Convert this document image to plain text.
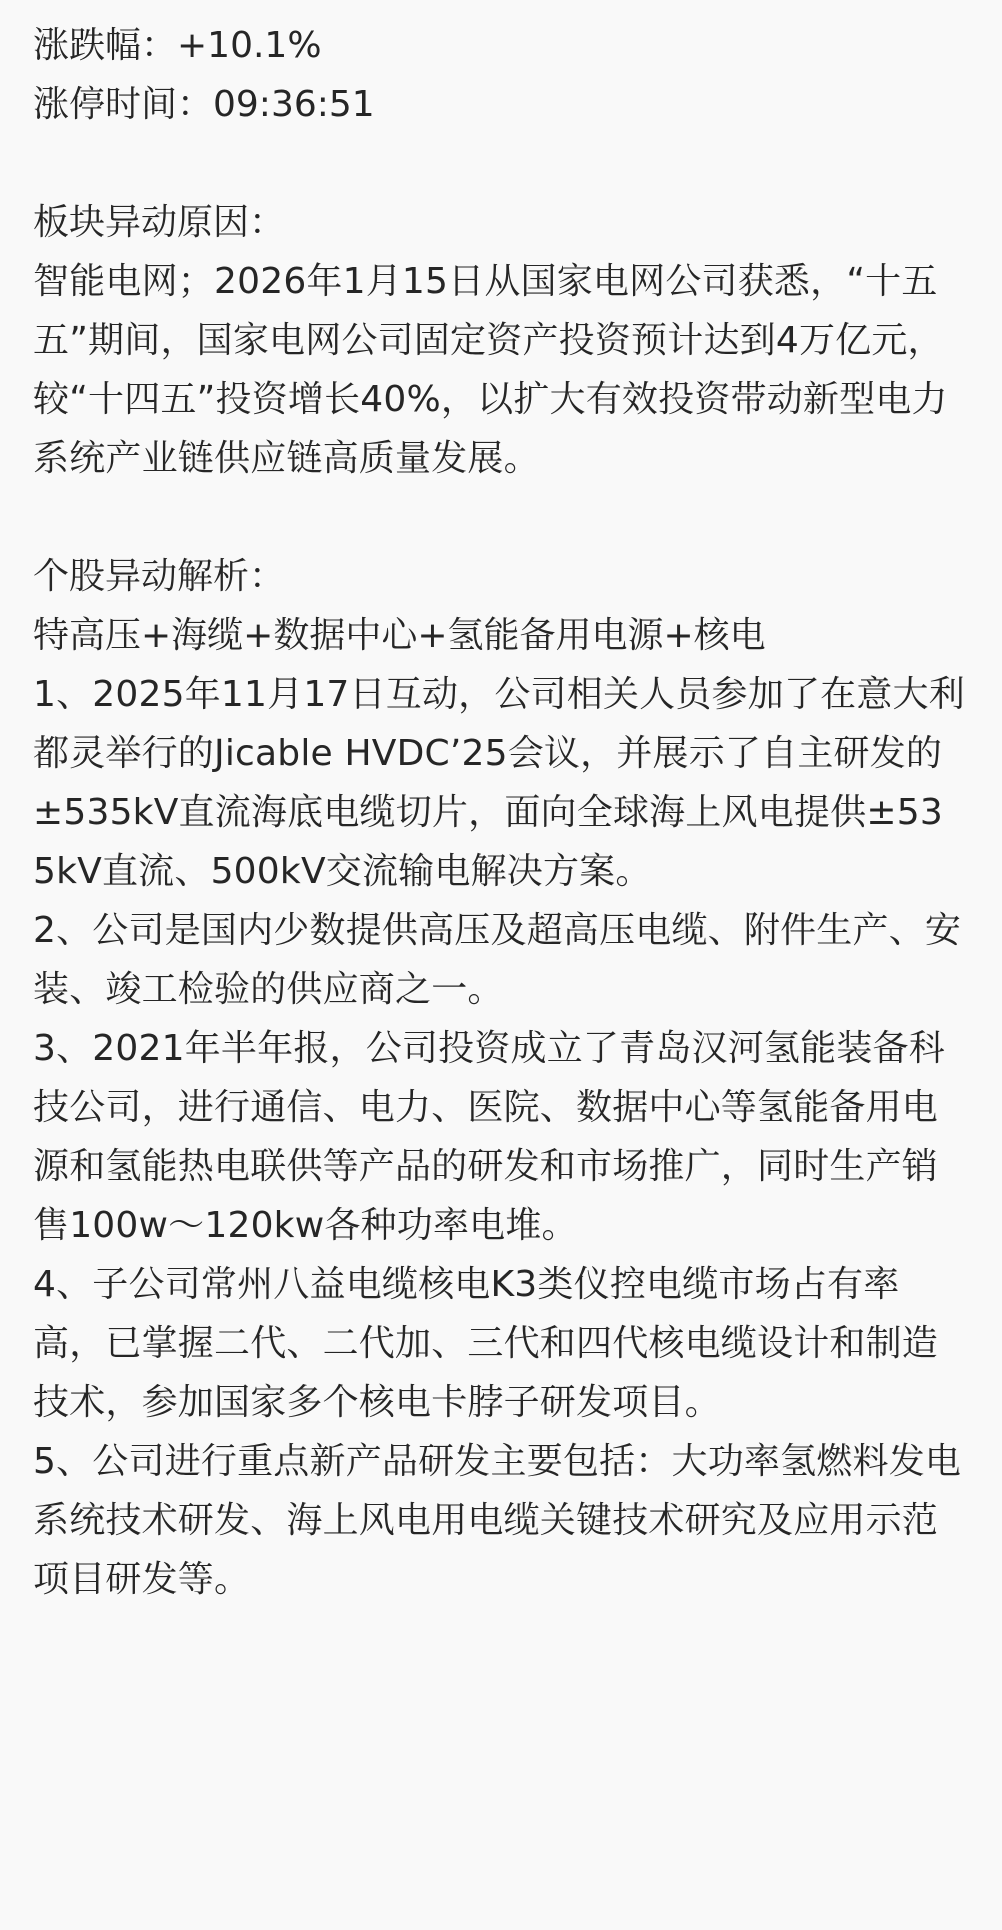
涨跌幅：+10.1%
涨停时间：09:36:51
板块异动原因：

智能电网；2026年1月15日从国家电网公司获悉，“十五五”期间，国家电网公司固定资产投资预计达到4万亿元，较“十四五”投资增长40%，以扩大有效投资带动新型电力系统产业链供应链高质量发展。

个股异动解析：
特高压+海缆+数据中心+氢能备用电源+核电

1、2025年11月17日互动，公司相关人员参加了在意大利都灵举行的Jicable HVDC’25会议，并展示了自主研发的±535kV直流海底电缆切片，面向全球海上风电提供±535kV直流、500kV交流输电解决方案。

2、公司是国内少数提供高压及超高压电缆、附件生产、安装、竣工检验的供应商之一。

3、2021年半年报，公司投资成立了青岛汉河氢能装备科技公司，进行通信、电力、医院、数据中心等氢能备用电源和氢能热电联供等产品的研发和市场推广，同时生产销售100w～120kw各种功率电堆。

4、子公司常州八益电缆核电K3类仪控电缆市场占有率高，已掌握二代、二代加、三代和四代核电缆设计和制造技术，参加国家多个核电卡脖子研发项目。

5、公司进行重点新产品研发主要包括：大功率氢燃料发电系统技术研发、海上风电用电缆关键技术研究及应用示范项目研发等。
